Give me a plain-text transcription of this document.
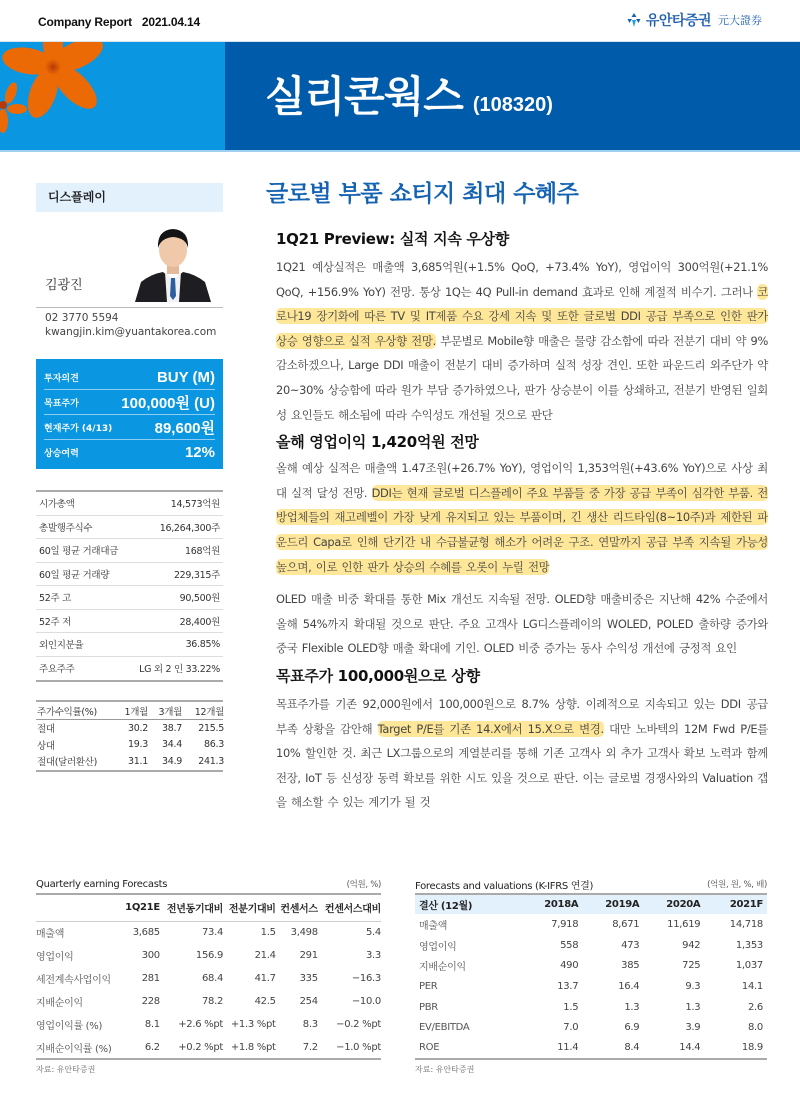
Company Report 2021.04.14	유안타증권 元大證券
실리콘웍스 (108320)
디스플레이
김광진
02 3770 5594
kwangjin.kim@yuantakorea.com
투자의견	BUY (M)
목표주가	100,000원 (U)
현재주가 (4/13)	89,600원
상승여력	12%
시가총액	14,573억원
총발행주식수	16,264,300주
60일 평균 거래대금	168억원
60일 평균 거래량	229,315주
52주 고	90,500원
52주 저	28,400원
외인지분율	36.85%
주요주주	LG 외 2 인 33.22%
주가수익률(%)	1개월	3개월	12개월
절대	30.2	38.7	215.5
상대	19.3	34.4	86.3
절대(달러환산)	31.1	34.9	241.3
글로벌 부품 쇼티지 최대 수혜주
1Q21 Preview: 실적 지속 우상향

1Q21 예상실적은 매출액 3,685억원(+1.5% QoQ, +73.4% YoY), 영업이익 300억원(+21.1% QoQ, +156.9% YoY) 전망. 통상 1Q는 4Q Pull-in demand 효과로 인해 계절적 비수기. 그러나 코로나19 장기화에 따른 TV 및 IT제품 수요 강세 지속 및 또한 글로벌 DDI 공급 부족으로 인한 판가 상승 영향으로 실적 우상향 전망. 부문별로 Mobile향 매출은 물량 감소함에 따라 전분기 대비 약 9% 감소하겠으나, Large DDI 매출이 전분기 대비 증가하며 실적 성장 견인. 또한 파운드리 외주단가 약 20~30% 상승함에 따라 원가 부담 증가하였으나, 판가 상승분이 이를 상쇄하고, 전분기 반영된 일회성 요인들도 해소됨에 따라 수익성도 개선될 것으로 판단

올해 영업이익 1,420억원 전망

올해 예상 실적은 매출액 1.47조원(+26.7% YoY), 영업이익 1,353억원(+43.6% YoY)으로 사상 최대 실적 달성 전망. DDI는 현재 글로벌 디스플레이 주요 부품들 중 가장 공급 부족이 심각한 부품. 전방업체들의 재고레벨이 가장 낮게 유지되고 있는 부품이며, 긴 생산 리드타임(8~10주)과 제한된 파운드리 Capa로 인해 단기간 내 수급불균형 해소가 어려운 구조. 연말까지 공급 부족 지속될 가능성 높으며, 이로 인한 판가 상승의 수혜를 오롯이 누릴 전망

OLED 매출 비중 확대를 통한 Mix 개선도 지속될 전망. OLED향 매출비중은 지난해 42% 수준에서 올해 54%까지 확대될 것으로 판단. 주요 고객사 LG디스플레이의 WOLED, POLED 출하량 증가와 중국 Flexible OLED향 매출 확대에 기인. OLED 비중 증가는 동사 수익성 개선에 긍정적 요인

목표주가 100,000원으로 상향

목표주가를 기존 92,000원에서 100,000원으로 8.7% 상향. 이례적으로 지속되고 있는 DDI 공급 부족 상황을 감안해 Target P/E를 기존 14.X에서 15.X으로 변경. 대만 노바텍의 12M Fwd P/E를 10% 할인한 것. 최근 LX그룹으로의 계열분리를 통해 기존 고객사 외 추가 고객사 확보 노력과 함께 전장, IoT 등 신성장 동력 확보를 위한 시도 있을 것으로 판단. 이는 글로벌 경쟁사와의 Valuation 갭을 해소할 수 있는 계기가 될 것

Quarterly earning Forecasts	(억원, %)
	1Q21E	전년동기대비	전분기대비	컨센서스	컨센서스대비
매출액	3,685	73.4	1.5	3,498	5.4
영업이익	300	156.9	21.4	291	3.3
세전계속사업이익	281	68.4	41.7	335	−16.3
지배순이익	228	78.2	42.5	254	−10.0
영업이익률 (%)	8.1	+2.6 %pt	+1.3 %pt	8.3	−0.2 %pt
지배순이익률 (%)	6.2	+0.2 %pt	+1.8 %pt	7.2	−1.0 %pt
자료: 유안타증권
Forecasts and valuations (K-IFRS 연결)	(억원, 원, %, 배)
결산 (12월)	2018A	2019A	2020A	2021F
매출액	7,918	8,671	11,619	14,718
영업이익	558	473	942	1,353
지배순이익	490	385	725	1,037
PER	13.7	16.4	9.3	14.1
PBR	1.5	1.3	1.3	2.6
EV/EBITDA	7.0	6.9	3.9	8.0
ROE	11.4	8.4	14.4	18.9
자료: 유안타증권
